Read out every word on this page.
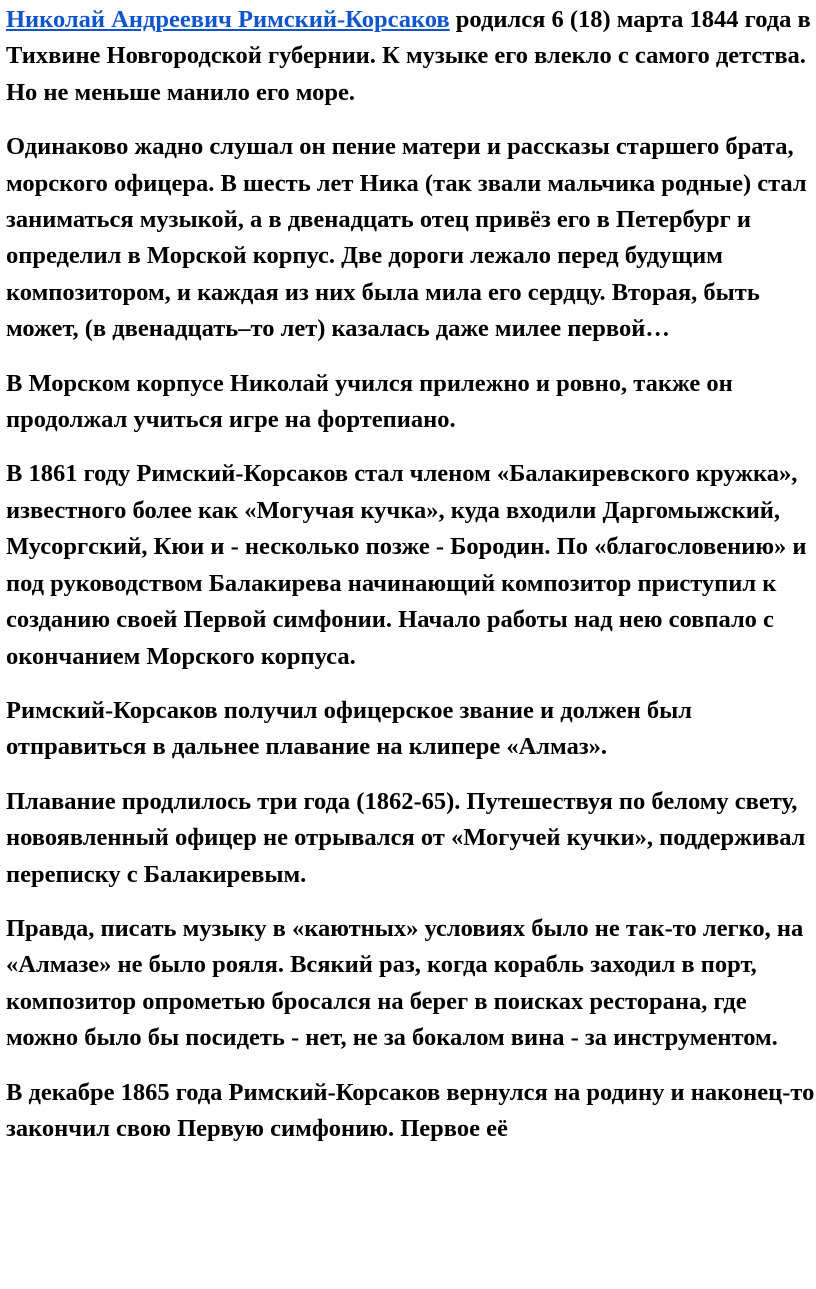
Николай Андреевич Римский-Корсаков родился 6 (18) марта 1844 года в Тихвине Новгородской губернии. К музыке его влекло с самого детства. Но не меньше манило его море.

Одинаково жадно слушал он пение матери и рассказы старшего брата, морского офицера. В шесть лет Ника (так звали мальчика родные) стал заниматься музыкой, а в двенадцать отец привёз его в Петербург и определил в Морской корпус. Две дороги лежало перед будущим композитором, и каждая из них была мила его сердцу. Вторая, быть может, (в двенадцать–то лет) казалась даже милее первой…

В Морском корпусе Николай учился прилежно и ровно, также он продолжал учиться игре на фортепиано.

В 1861 году Римский-Корсаков стал членом «Балакиревского кружка», известного более как «Могучая кучка», куда входили Даргомыжский, Мусоргский, Кюи и - несколько позже - Бородин. По «благословению» и под руководством Балакирева начинающий композитор приступил к созданию своей Первой симфонии. Начало работы над нею совпало с окончанием Морского корпуса.

Римский-Корсаков получил офицерское звание и должен был отправиться в дальнее плавание на клипере «Алмаз».

Плавание продлилось три года (1862-65). Путешествуя по белому свету, новоявленный офицер не отрывался от «Могучей кучки», поддерживал переписку с Балакиревым.

Правда, писать музыку в «каютных» условиях было не так-то легко, на «Алмазе» не было рояля. Всякий раз, когда корабль заходил в порт, композитор опрометью бросался на берег в поисках ресторана, где можно было бы посидеть - нет, не за бокалом вина - за инструментом.

В декабре 1865 года Римский-Корсаков вернулся на родину и наконец-то закончил свою Первую симфонию. Первое её
